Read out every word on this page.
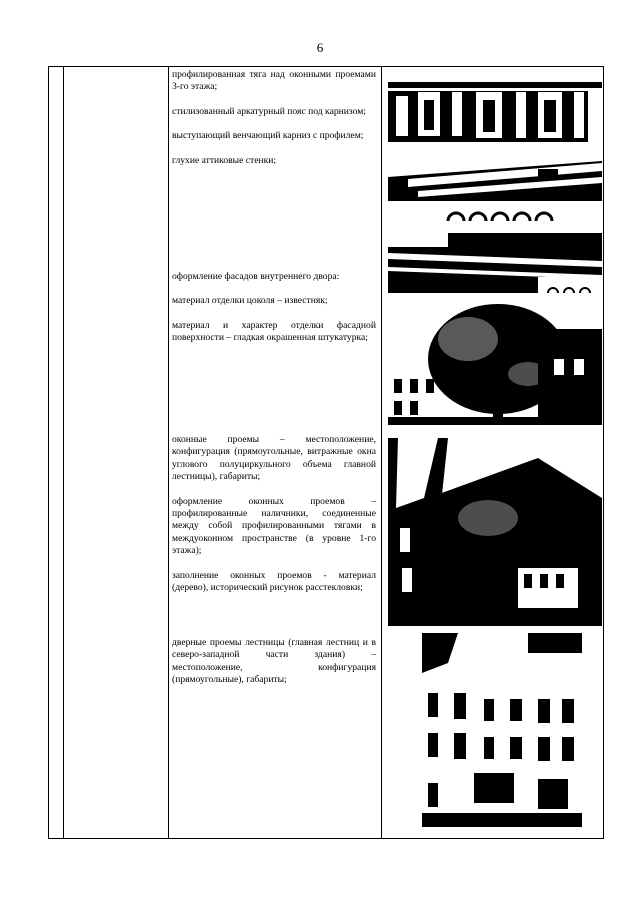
6

профилированная тяга над оконными проемами 3-го этажа;

стилизованный аркатурный пояс под карнизом;

выступающий венчающий карниз с профилем;

глухие аттиковые стенки;

оформление фасадов внутреннего двора:

материал отделки цоколя – известняк;

материал и характер отделки фасадной поверхности – гладкая окрашенная штукатурка;

оконные проемы – местоположение, конфигурация (прямоугольные, витражные окна углового полуциркульного объема главной лестницы), габариты;

оформление оконных проемов – профилированные наличники, соединенные между собой профилированными тягами в междуоконном пространстве (в уровне 1-го этажа);

заполнение оконных проемов - материал (дерево), исторический рисунок расстекловки;

дверные проемы лестницы (главная лестниц и в северо-западной части здания) – местоположение, конфигурация (прямоугольные), габариты;
